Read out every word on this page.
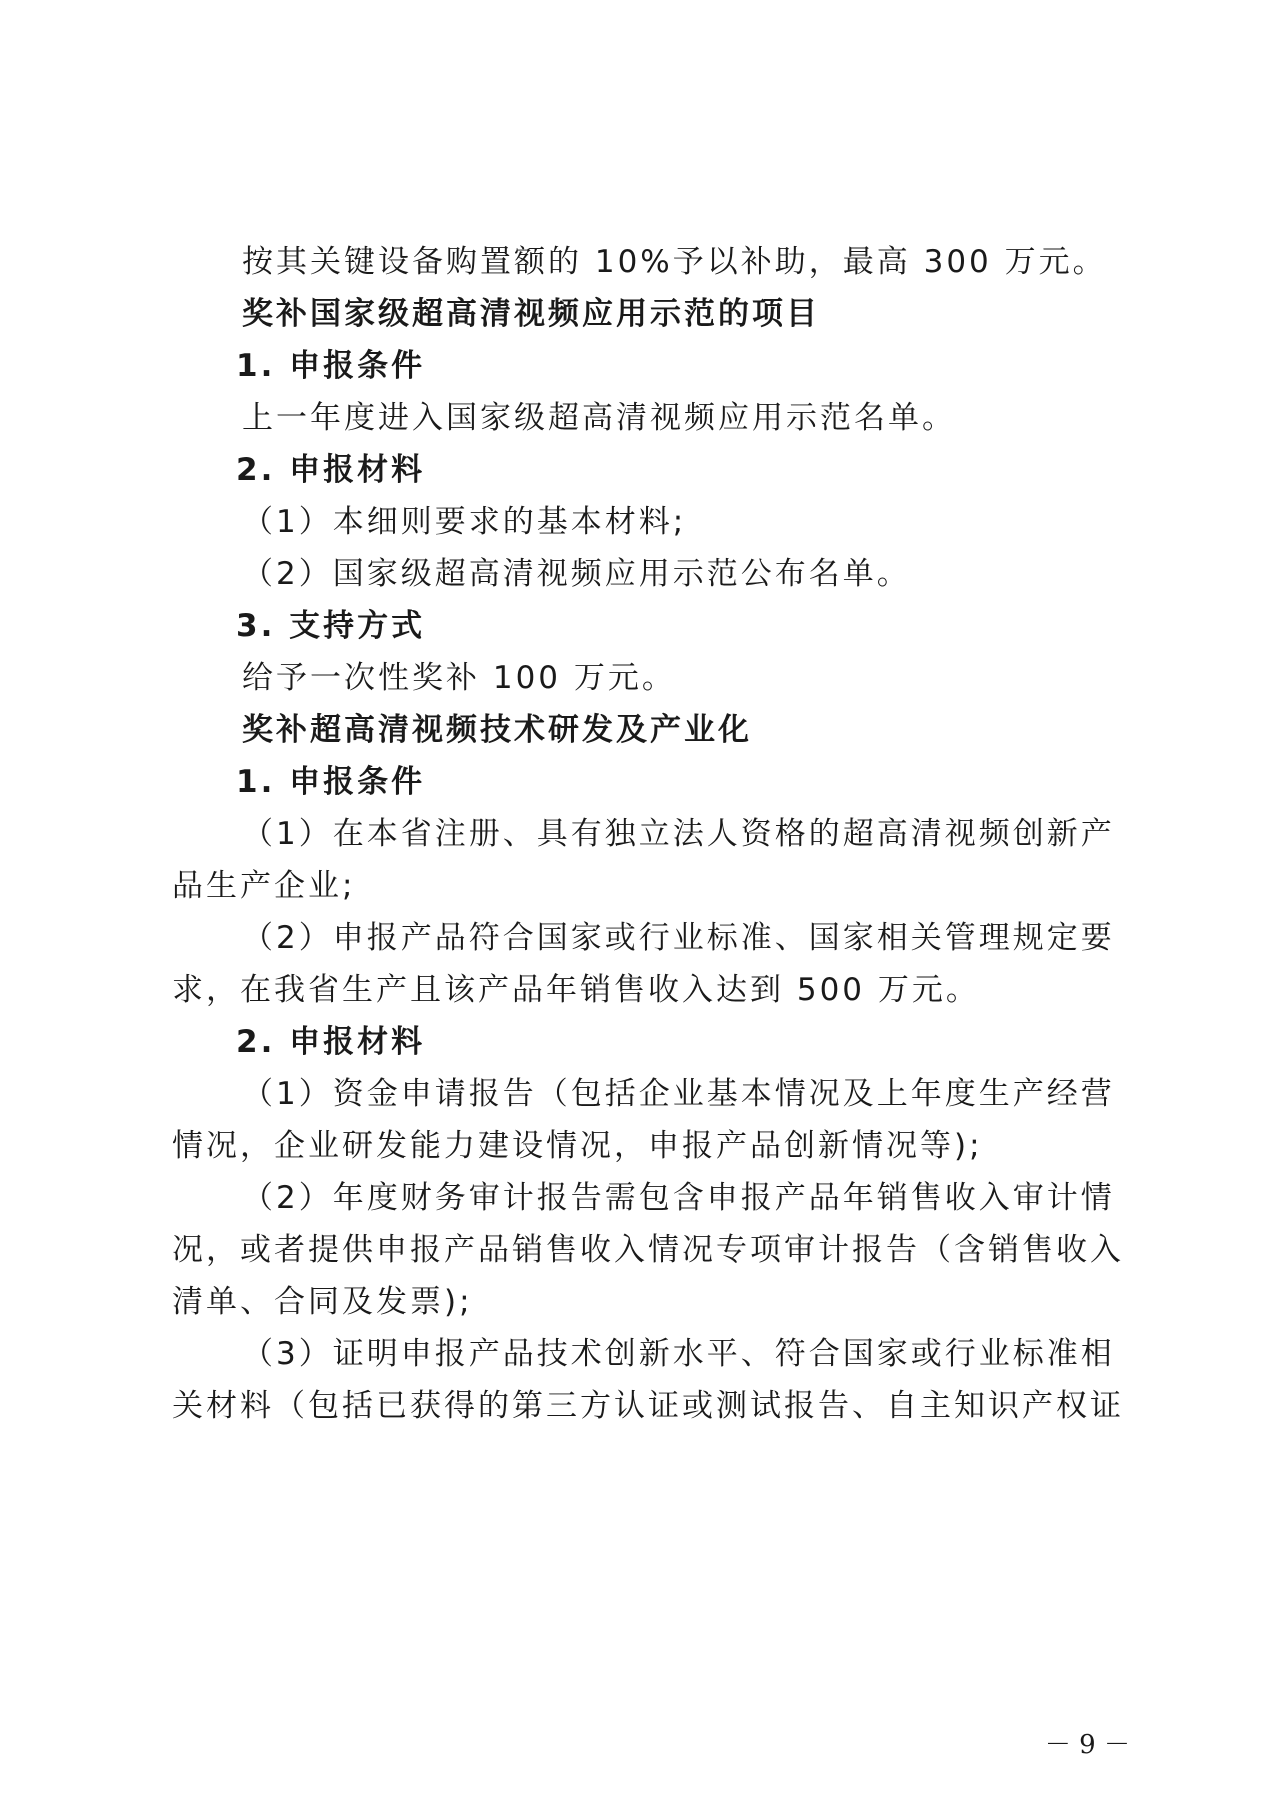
按其关键设备购置额的 10%予以补助，最高 300 万元。
奖补国家级超高清视频应用示范的项目
1. 申报条件
上一年度进入国家级超高清视频应用示范名单。
2. 申报材料
（1）本细则要求的基本材料;
（2）国家级超高清视频应用示范公布名单。
3. 支持方式
给予一次性奖补 100 万元。
奖补超高清视频技术研发及产业化
1. 申报条件
（1）在本省注册、具有独立法人资格的超高清视频创新产
品生产企业;
（2）申报产品符合国家或行业标准、国家相关管理规定要
求，在我省生产且该产品年销售收入达到 500 万元。
2. 申报材料
（1）资金申请报告（包括企业基本情况及上年度生产经营
情况，企业研发能力建设情况，申报产品创新情况等);
（2）年度财务审计报告需包含申报产品年销售收入审计情
况，或者提供申报产品销售收入情况专项审计报告（含销售收入
清单、合同及发票);
（3）证明申报产品技术创新水平、符合国家或行业标准相
关材料（包括已获得的第三方认证或测试报告、自主知识产权证
－ 9 －
